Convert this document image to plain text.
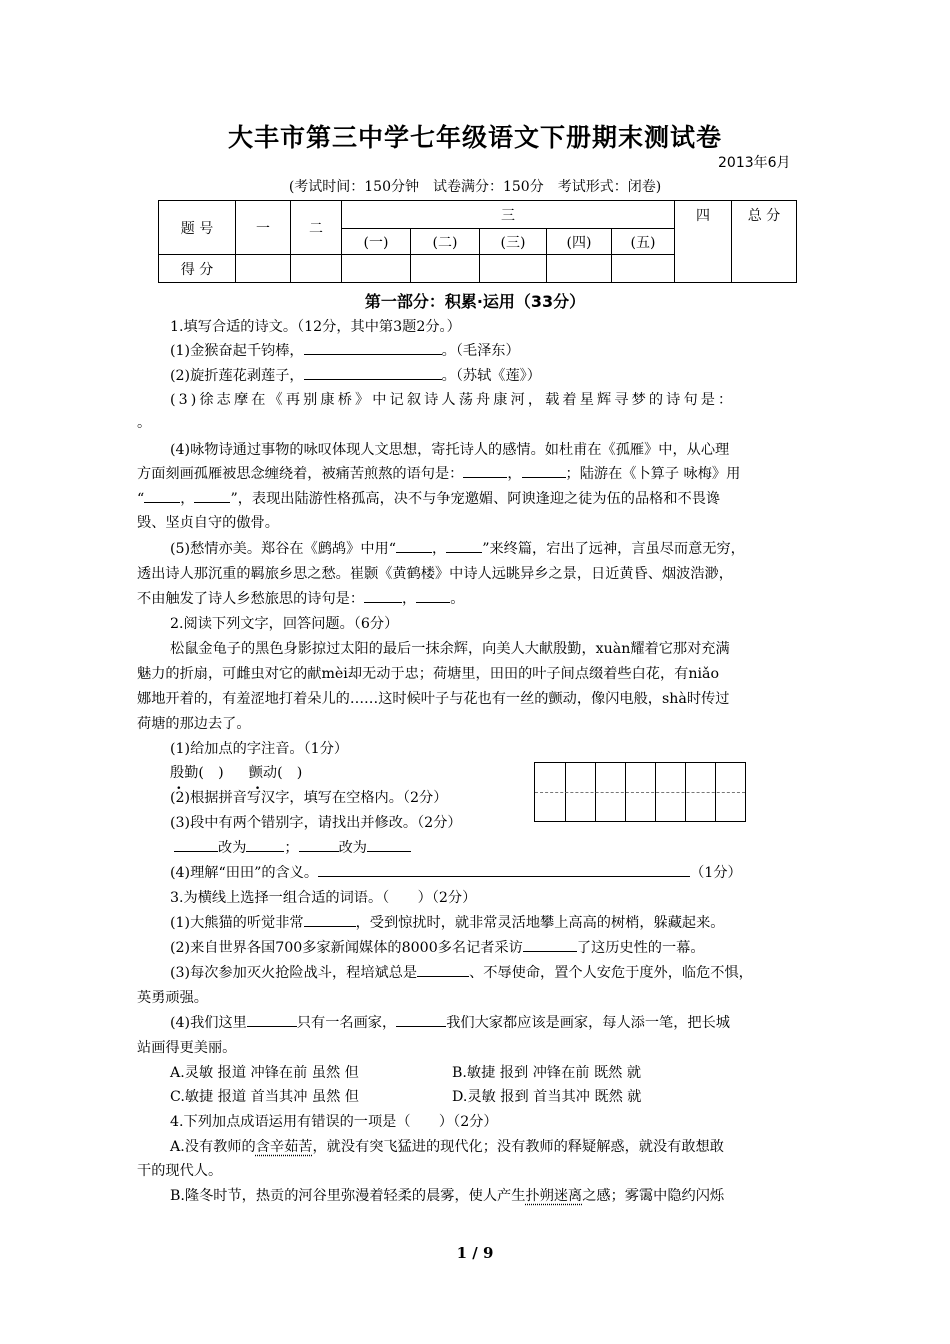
大丰市第三中学七年级语文下册期末测试卷
2013年6月
(考试时间：150分钟　试卷满分：150分　考试形式：闭卷)
题 号	一	二	三					四	总 分
			(一)	(二)	(三)	(四)	(五)		
得 分									
第一部分：积累·运用（33分）
1.填写合适的诗文。（12分，其中第3题2分。）
(1)金猴奋起千钧棒，	。（毛泽东）
(2)旋折莲花剥莲子，	。（苏轼《莲》）
(3)徐志摩在《再别康桥》中记叙诗人荡舟康河，载着星辉寻梦的诗句是：
。
(4)咏物诗通过事物的咏叹体现人文思想，寄托诗人的感情。如杜甫在《孤雁》中，从心理
方面刻画孤雁被思念缠绕着，被痛苦煎熬的语句是：	，	；陆游在《卜算子 咏梅》用
“	，	”，表现出陆游性格孤高，决不与争宠邀媚、阿谀逢迎之徒为伍的品格和不畏谗
毁、坚贞自守的傲骨。
(5)愁情亦美。郑谷在《鹧鸪》中用“	，	”来终篇，宕出了远神，言虽尽而意无穷，
透出诗人那沉重的羁旅乡思之愁。崔颢《黄鹤楼》中诗人远眺异乡之景，日近黄昏、烟波浩渺，
不由触发了诗人乡愁旅思的诗句是：	， 。
2.阅读下列文字，回答问题。（6分）
松鼠金龟子的黑色身影掠过太阳的最后一抹余辉，向美人大献殷勤，xuàn耀着它那对充满
魅力的折扇，可雌虫对它的献mèi却无动于忠；荷塘里，田田的叶子间点缀着些白花，有niǎo
娜地开着的，有羞涩地打着朵儿的……这时候叶子与花也有一丝的颤动，像闪电般，shà时传过
荷塘的那边去了。
(1)给加点的字注音。（1分）
殷勤(　) 颤动(　)
(2)根据拼音写汉字，填写在空格内。（2分）
(3)段中有两个错别字，请找出并修改。（2分）
改为	；	改为
(4)理解“田田”的含义。	（1分）
3.为横线上选择一组合适的词语。（　　）（2分）
(1)大熊猫的听觉非常	，受到惊扰时，就非常灵活地攀上高高的树梢，躲藏起来。
(2)来自世界各国700多家新闻媒体的8000多名记者采访	了这历史性的一幕。
(3)每次参加灭火抢险战斗，程培斌总是	、不辱使命，置个人安危于度外，临危不惧，
英勇顽强。
(4)我们这里	只有一名画家，	我们大家都应该是画家，每人添一笔，把长城
站画得更美丽。
A.灵敏 报道 冲锋在前 虽然 但	B.敏捷 报到 冲锋在前 既然 就
C.敏捷 报道 首当其冲 虽然 但	D.灵敏 报到 首当其冲 既然 就
4.下列加点成语运用有错误的一项是（　　）（2分）
A.没有教师的含辛茹苦，就没有突飞猛进的现代化；没有教师的释疑解惑，就没有敢想敢
干的现代人。
B.隆冬时节，热贡的河谷里弥漫着轻柔的晨雾，使人产生扑朔迷离之感；雾霭中隐约闪烁
1 / 9
